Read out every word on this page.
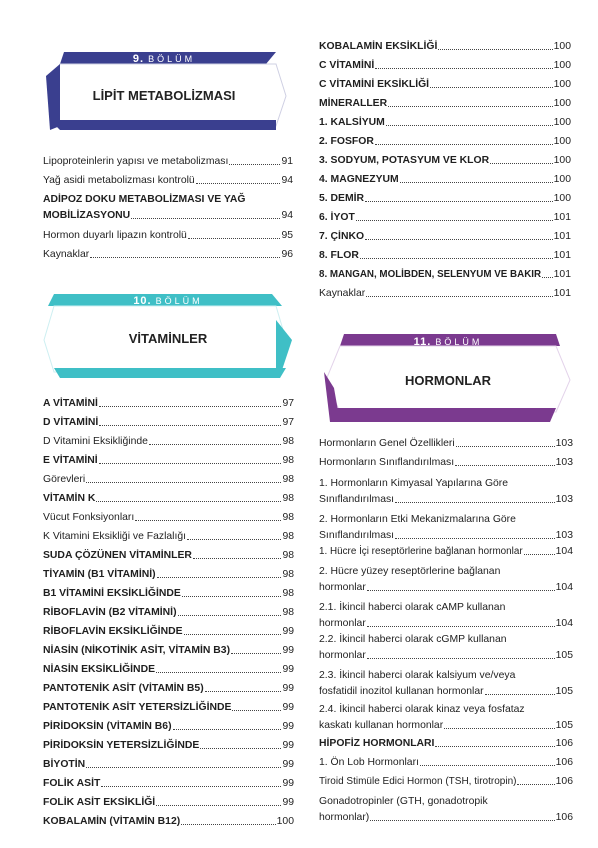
9. BÖLÜM
LİPİT METABOLİZMASI
Lipoproteinlerin yapısı ve metabolizması	91
Yağ asidi metabolizması kontrolü	94
ADİPOZ DOKU METABOLİZMASI VE YAĞ
MOBİLİZASYONU	94
Hormon duyarlı lipazın kontrolü	95
Kaynaklar	96
10. BÖLÜM
VİTAMİNLER
A VİTAMİNİ	97
D VİTAMİNİ	97
D Vitamini Eksikliğinde	98
E VİTAMİNİ	98
Görevleri	98
VİTAMİN K	98
Vücut Fonksiyonları	98
K Vitamini Eksikliği ve Fazlalığı	98
SUDA ÇÖZÜNEN VİTAMİNLER	98
TİYAMİN (B1 VİTAMİNİ)	98
B1 VİTAMİNİ EKSİKLİĞİNDE	98
RİBOFLAVİN (B2 VİTAMİNİ)	98
RİBOFLAVİN EKSİKLİĞİNDE	99
NİASİN (NİKOTİNİK ASİT, VİTAMİN B3)	99
NİASİN EKSİKLİĞİNDE	99
PANTOTENİK ASİT (VİTAMİN B5)	99
PANTOTENİK ASİT YETERSİZLİĞİNDE	99
PİRİDOKSİN (VİTAMİN B6)	99
PİRİDOKSİN YETERSİZLİĞİNDE	99
BİYOTİN	99
FOLİK ASİT	99
FOLİK ASİT EKSİKLİĞİ	99
KOBALAMİN (VİTAMİN B12)	100
KOBALAMİN EKSİKLİĞİ	100
C VİTAMİNİ	100
C VİTAMİNİ EKSİKLİĞİ	100
MİNERALLER	100
1. KALSİYUM	100
2. FOSFOR	100
3. SODYUM, POTASYUM VE KLOR	100
4. MAGNEZYUM	100
5. DEMİR	100
6. İYOT	101
7. ÇİNKO	101
8. FLOR	101
8. MANGAN, MOLİBDEN, SELENYUM VE BAKIR 101
Kaynaklar	101
11. BÖLÜM
HORMONLAR
Hormonların Genel Özellikleri	103
Hormonların Sınıflandırılması	103
1. Hormonların Kimyasal Yapılarına Göre
Sınıflandırılması	103
2. Hormonların Etki Mekanizmalarına Göre
Sınıflandırılması	103
1. Hücre İçi reseptörlerine bağlanan hormonlar	104
2. Hücre yüzey reseptörlerine bağlanan
hormonlar	104
2.1. İkincil haberci olarak cAMP kullanan
hormonlar	104
2.2. İkincil haberci olarak cGMP kullanan
hormonlar	105
2.3. İkincil haberci olarak kalsiyum ve/veya
fosfatidil inozitol kullanan hormonlar	105
2.4. İkincil haberci olarak kinaz veya fosfataz
kaskatı kullanan hormonlar	105
HİPOFİZ HORMONLARI	106
1. Ön Lob Hormonları	106
Tiroid Stimüle Edici Hormon (TSH, tirotropin)	106
Gonadotropinler (GTH, gonadotropik
hormonlar)	106
